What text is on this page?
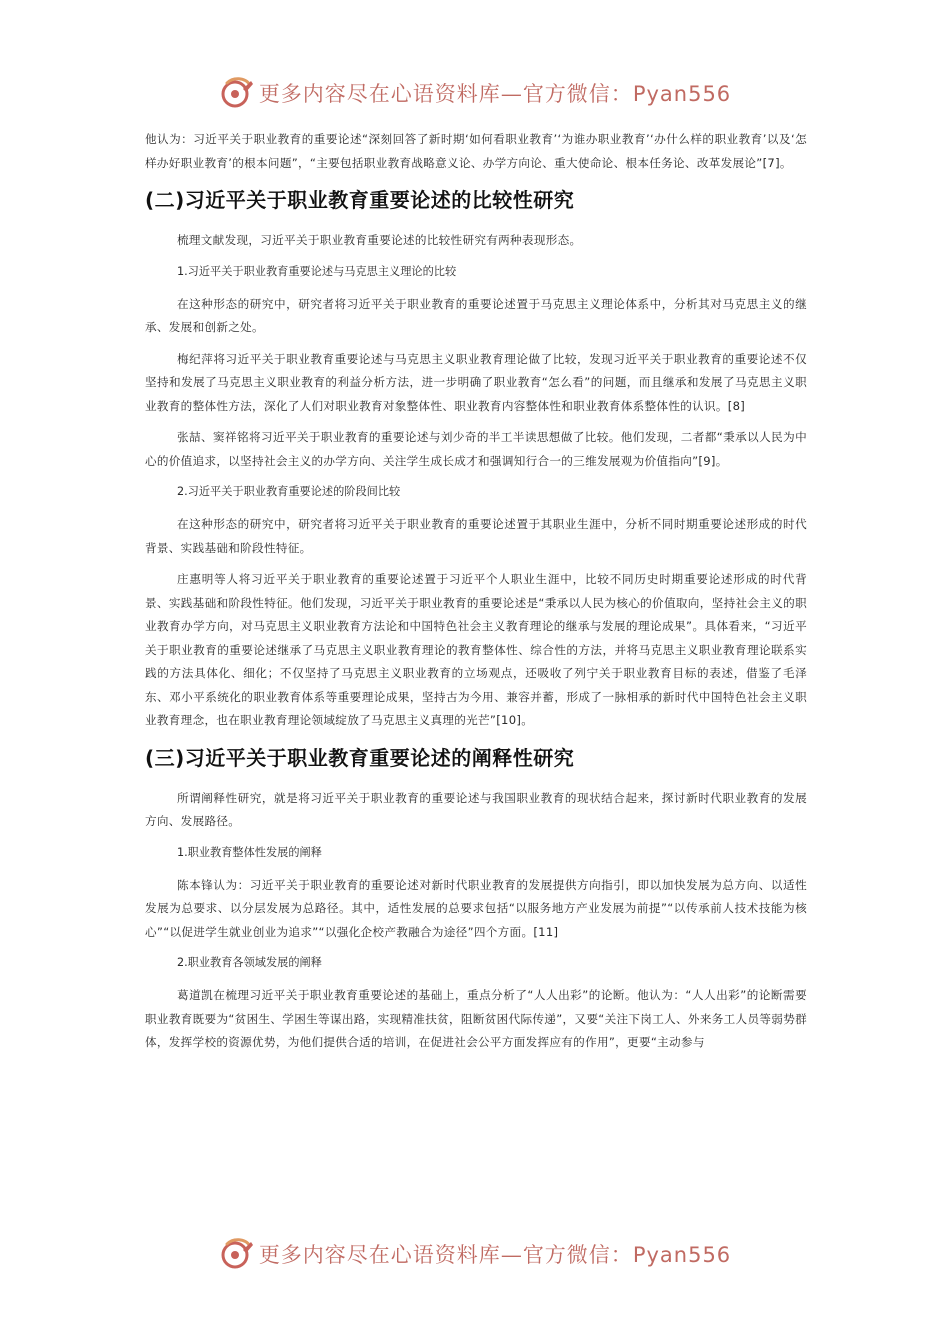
更多内容尽在心语资料库—官方微信：Pyan556

他认为：习近平关于职业教育的重要论述“深刻回答了新时期‘如何看职业教育’‘为谁办职业教育’‘办什么样的职业教育’以及‘怎样办好职业教育’的根本问题”，“主要包括职业教育战略意义论、办学方向论、重大使命论、根本任务论、改革发展论”[7]。

(二)习近平关于职业教育重要论述的比较性研究

梳理文献发现，习近平关于职业教育重要论述的比较性研究有两种表现形态。

1.习近平关于职业教育重要论述与马克思主义理论的比较

在这种形态的研究中，研究者将习近平关于职业教育的重要论述置于马克思主义理论体系中，分析其对马克思主义的继承、发展和创新之处。

梅纪萍将习近平关于职业教育重要论述与马克思主义职业教育理论做了比较，发现习近平关于职业教育的重要论述不仅坚持和发展了马克思主义职业教育的利益分析方法，进一步明确了职业教育“怎么看”的问题，而且继承和发展了马克思主义职业教育的整体性方法，深化了人们对职业教育对象整体性、职业教育内容整体性和职业教育体系整体性的认识。[8]

张喆、窦祥铭将习近平关于职业教育的重要论述与刘少奇的半工半读思想做了比较。他们发现，二者都“秉承以人民为中心的价值追求，以坚持社会主义的办学方向、关注学生成长成才和强调知行合一的三维发展观为价值指向”[9]。

2.习近平关于职业教育重要论述的阶段间比较

在这种形态的研究中，研究者将习近平关于职业教育的重要论述置于其职业生涯中，分析不同时期重要论述形成的时代背景、实践基础和阶段性特征。

庄惠明等人将习近平关于职业教育的重要论述置于习近平个人职业生涯中，比较不同历史时期重要论述形成的时代背景、实践基础和阶段性特征。他们发现，习近平关于职业教育的重要论述是“秉承以人民为核心的价值取向，坚持社会主义的职业教育办学方向，对马克思主义职业教育方法论和中国特色社会主义教育理论的继承与发展的理论成果”。具体看来，“习近平关于职业教育的重要论述继承了马克思主义职业教育理论的教育整体性、综合性的方法，并将马克思主义职业教育理论联系实践的方法具体化、细化；不仅坚持了马克思主义职业教育的立场观点，还吸收了列宁关于职业教育目标的表述，借鉴了毛泽东、邓小平系统化的职业教育体系等重要理论成果，坚持古为今用、兼容并蓄，形成了一脉相承的新时代中国特色社会主义职业教育理念，也在职业教育理论领域绽放了马克思主义真理的光芒”[10]。

(三)习近平关于职业教育重要论述的阐释性研究

所谓阐释性研究，就是将习近平关于职业教育的重要论述与我国职业教育的现状结合起来，探讨新时代职业教育的发展方向、发展路径。

1.职业教育整体性发展的阐释

陈本锋认为：习近平关于职业教育的重要论述对新时代职业教育的发展提供方向指引，即以加快发展为总方向、以适性发展为总要求、以分层发展为总路径。其中，适性发展的总要求包括“以服务地方产业发展为前提”“以传承前人技术技能为核心”“以促进学生就业创业为追求”“以强化企校产教融合为途径”四个方面。[11]

2.职业教育各领域发展的阐释

葛道凯在梳理习近平关于职业教育重要论述的基础上，重点分析了“人人出彩”的论断。他认为：“人人出彩”的论断需要职业教育既要为“贫困生、学困生等谋出路，实现精准扶贫，阻断贫困代际传递”，又要“关注下岗工人、外来务工人员等弱势群体，发挥学校的资源优势，为他们提供合适的培训，在促进社会公平方面发挥应有的作用”，更要“主动参与

更多内容尽在心语资料库—官方微信：Pyan556
